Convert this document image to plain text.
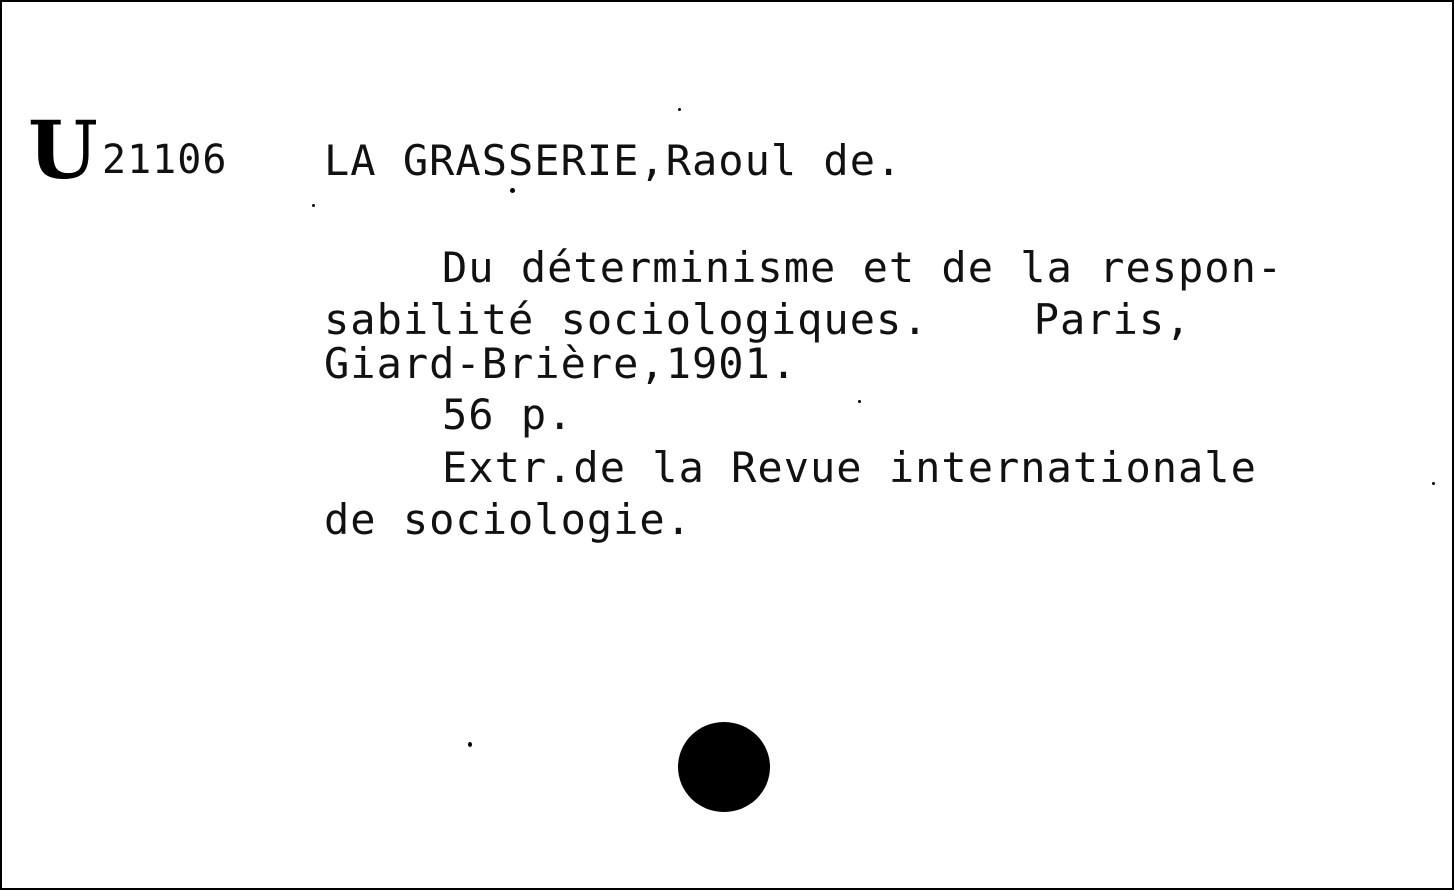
U 21106 LA GRASSERIE,Raoul de.
Du déterminisme et de la respon-
sabilité sociologiques.    Paris,
Giard-Brière,1901.
56 p.
Extr.de la Revue internationale
de sociologie.
